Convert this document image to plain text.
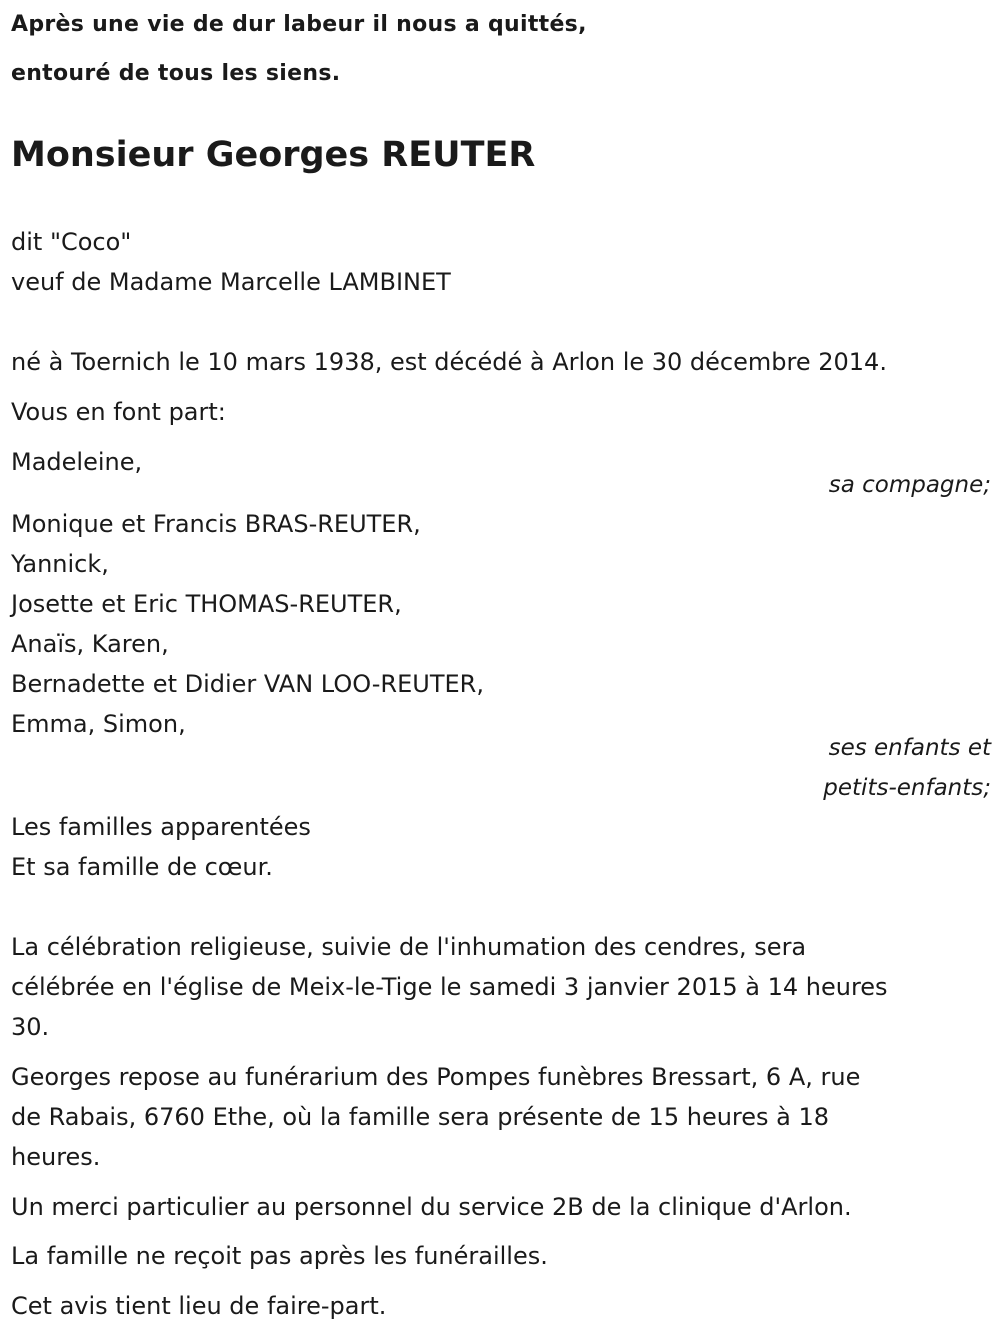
Après une vie de dur labeur il nous a quittés,
entouré de tous les siens.
Monsieur Georges REUTER
dit "Coco"
veuf de Madame Marcelle LAMBINET
né à Toernich le 10 mars 1938, est décédé à Arlon le 30 décembre 2014.
Vous en font part:
Madeleine,
sa compagne;
Monique et Francis BRAS-REUTER,
Yannick,
Josette et Eric THOMAS-REUTER,
Anaïs, Karen,
Bernadette et Didier VAN LOO-REUTER,
Emma, Simon,
ses enfants et
petits-enfants;
Les familles apparentées
Et sa famille de cœur.
La célébration religieuse, suivie de l'inhumation des cendres, sera
célébrée en l'église de Meix-le-Tige le samedi 3 janvier 2015 à 14 heures
30.
Georges repose au funérarium des Pompes funèbres Bressart, 6 A, rue
de Rabais, 6760 Ethe, où la famille sera présente de 15 heures à 18
heures.
Un merci particulier au personnel du service 2B de la clinique d'Arlon.
La famille ne reçoit pas après les funérailles.
Cet avis tient lieu de faire-part.
